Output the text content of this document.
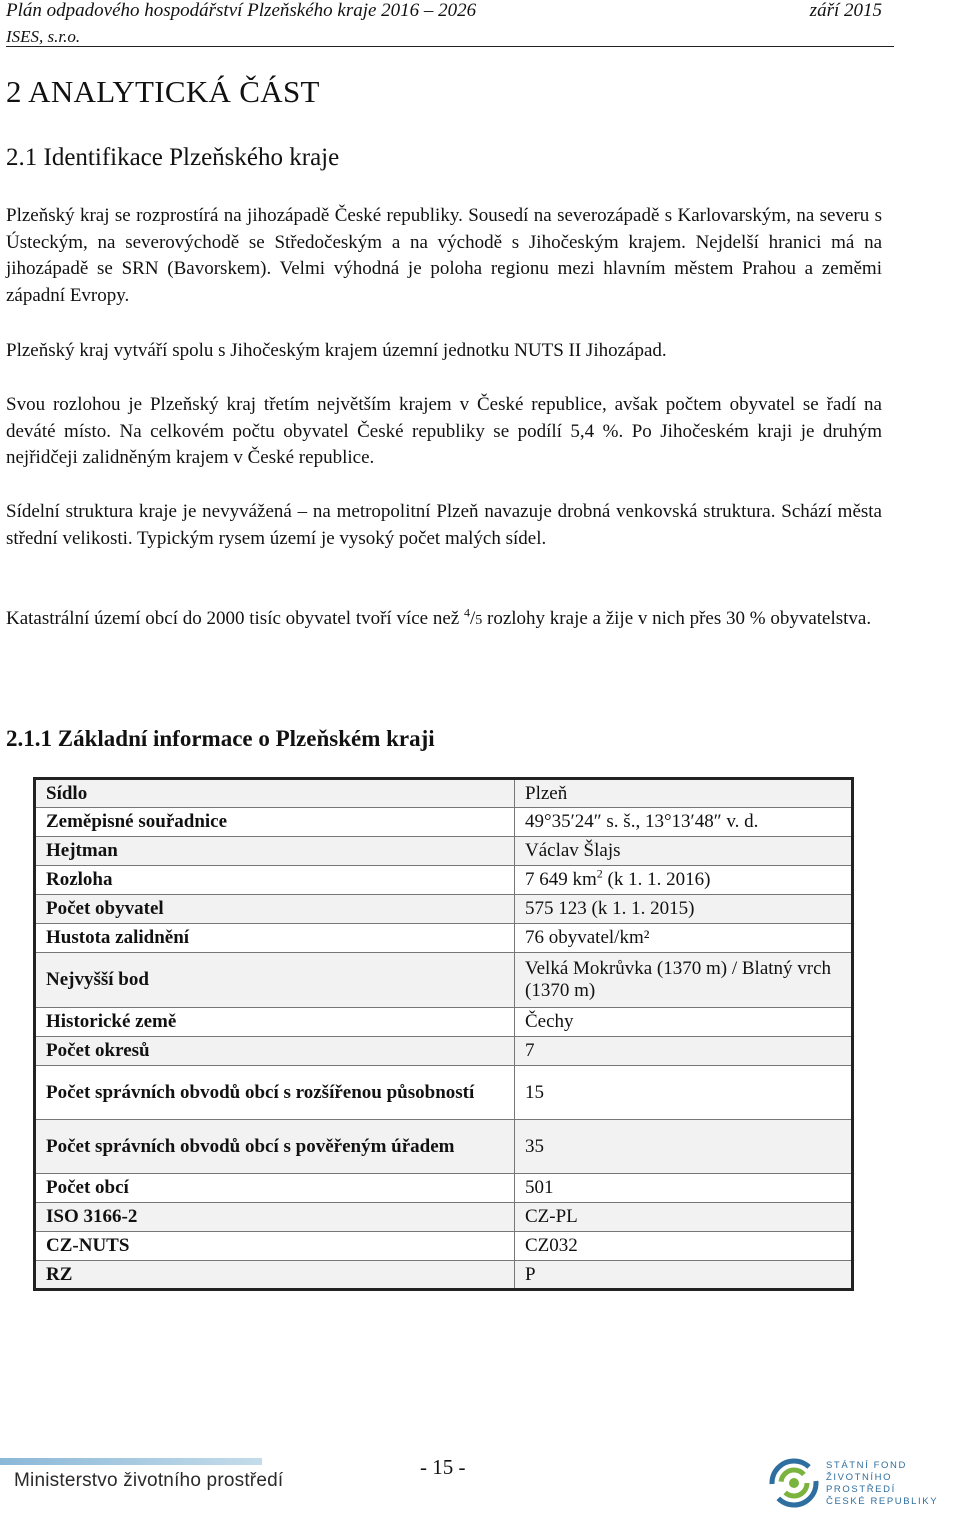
Plán odpadového hospodářství Plzeňského kraje 2016 – 2026	září 2015
ISES, s.r.o.
2 ANALYTICKÁ ČÁST
2.1 Identifikace Plzeňského kraje

Plzeňský kraj se rozprostírá na jihozápadě České republiky. Sousedí na severozápadě s Karlovarským, na severu s Ústeckým, na severovýchodě se Středočeským a na východě s Jihočeským krajem. Nejdelší hranici má na jihozápadě se SRN (Bavorskem). Velmi výhodná je poloha regionu mezi hlavním městem Prahou a zeměmi západní Evropy.

Plzeňský kraj vytváří spolu s Jihočeským krajem územní jednotku NUTS II Jihozápad.

Svou rozlohou je Plzeňský kraj třetím největším krajem v České republice, avšak počtem obyvatel se řadí na deváté místo. Na celkovém počtu obyvatel České republiky se podílí 5,4 %. Po Jihočeském kraji je druhým nejřidčeji zalidněným krajem v České republice.

Sídelní struktura kraje je nevyvážená – na metropolitní Plzeň navazuje drobná venkovská struktura. Schází města střední velikosti. Typickým rysem území je vysoký počet malých sídel.

Katastrální území obcí do 2000 tisíc obyvatel tvoří více než $^4$/5 rozlohy kraje a žije v nich přes 30 % obyvatelstva.

2.1.1 Základní informace o Plzeňském kraji
Sídlo	Plzeň
Zeměpisné souřadnice	49°35′24″ s. š., 13°13′48″ v. d.
Hejtman	Václav Šlajs
Rozloha	7 649 $km^2$ (k 1. 1. 2016)
Počet obyvatel	575 123 (k 1. 1. 2015)
Hustota zalidnění	76 obyvatel/km²
Nejvyšší bod	Velká Mokrůvka (1370 m) / Blatný vrch (1370 m)
Historické země	Čechy
Počet okresů	7
Počet správních obvodů obcí s rozšířenou působností	15
Počet správních obvodů obcí s pověřeným úřadem	35
Počet obcí	501
ISO 3166-2	CZ-PL
CZ-NUTS	CZ032
RZ	P
Ministerstvo životního prostředí
- 15 -	STÁTNÍ FOND
ŽIVOTNÍHO PROSTŘEDÍ
ČESKÉ REPUBLIKY
